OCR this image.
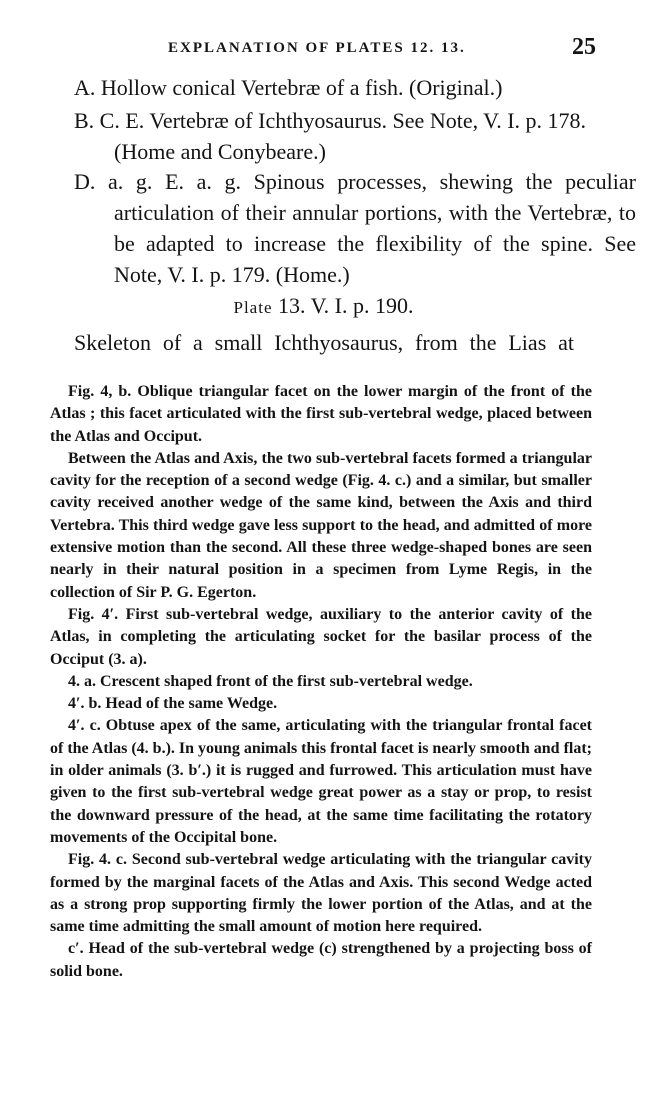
EXPLANATION OF PLATES 12. 13.	25
A. Hollow conical Vertebræ of a fish. (Original.)
B. C. E. Vertebræ of Ichthyosaurus. See Note, V. I. p. 178. (Home and Conybeare.)
D. a. g. E. a. g. Spinous processes, shewing the peculiar articulation of their annular portions, with the Vertebræ, to be adapted to increase the flexibility of the spine. See Note, V. I. p. 179. (Home.)
Plate 13. V. I. p. 190.
Skeleton of a small Ichthyosaurus, from the Lias at

Fig. 4, b. Oblique triangular facet on the lower margin of the front of the Atlas ; this facet articulated with the first sub-vertebral wedge, placed between the Atlas and Occiput.

Between the Atlas and Axis, the two sub-vertebral facets formed a triangular cavity for the reception of a second wedge (Fig. 4. c.) and a similar, but smaller cavity received another wedge of the same kind, between the Axis and third Vertebra. This third wedge gave less support to the head, and admitted of more extensive motion than the second. All these three wedge-shaped bones are seen nearly in their natural position in a specimen from Lyme Regis, in the collection of Sir P. G. Egerton.

Fig. 4′. First sub-vertebral wedge, auxiliary to the anterior cavity of the Atlas, in completing the articulating socket for the basilar process of the Occiput (3. a).

4. a. Crescent shaped front of the first sub-vertebral wedge.

4′. b. Head of the same Wedge.

4′. c. Obtuse apex of the same, articulating with the triangular frontal facet of the Atlas (4. b.). In young animals this frontal facet is nearly smooth and flat; in older animals (3. b′.) it is rugged and furrowed. This articulation must have given to the first sub-vertebral wedge great power as a stay or prop, to resist the downward pressure of the head, at the same time facilitating the rotatory movements of the Occipital bone.

Fig. 4. c. Second sub-vertebral wedge articulating with the triangular cavity formed by the marginal facets of the Atlas and Axis. This second Wedge acted as a strong prop supporting firmly the lower portion of the Atlas, and at the same time admitting the small amount of motion here required.

c′. Head of the sub-vertebral wedge (c) strengthened by a projecting boss of solid bone.
